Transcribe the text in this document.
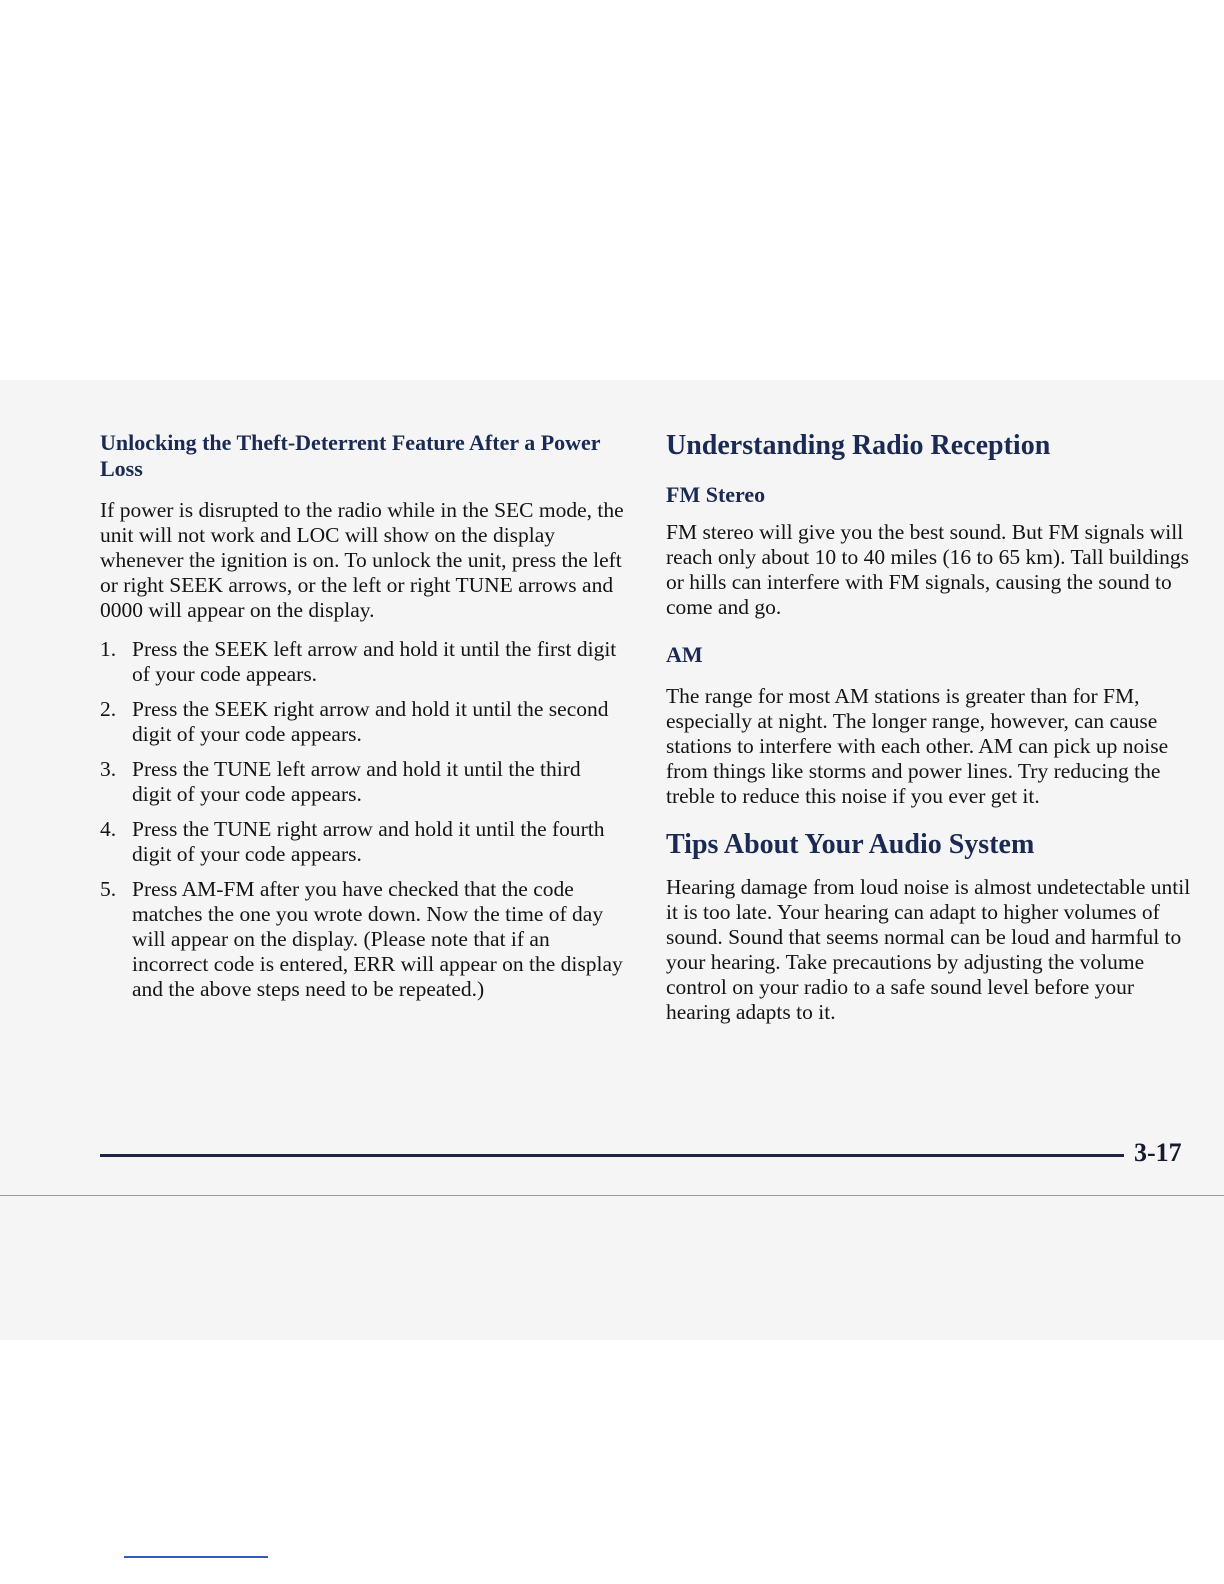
Unlocking the Theft-Deterrent Feature After a Power Loss

If power is disrupted to the radio while in the SEC mode, the unit will not work and LOC will show on the display whenever the ignition is on. To unlock the unit, press the left or right SEEK arrows, or the left or right TUNE arrows and 0000 will appear on the display.

1. Press the SEEK left arrow and hold it until the first digit of your code appears.
2. Press the SEEK right arrow and hold it until the second digit of your code appears.
3. Press the TUNE left arrow and hold it until the third digit of your code appears.
4. Press the TUNE right arrow and hold it until the fourth digit of your code appears.
5. Press AM-FM after you have checked that the code matches the one you wrote down. Now the time of day will appear on the display. (Please note that if an incorrect code is entered, ERR will appear on the display and the above steps need to be repeated.)
Understanding Radio Reception
FM Stereo

FM stereo will give you the best sound. But FM signals will reach only about 10 to 40 miles (16 to 65 km). Tall buildings or hills can interfere with FM signals, causing the sound to come and go.

AM

The range for most AM stations is greater than for FM, especially at night. The longer range, however, can cause stations to interfere with each other. AM can pick up noise from things like storms and power lines. Try reducing the treble to reduce this noise if you ever get it.

Tips About Your Audio System

Hearing damage from loud noise is almost undetectable until it is too late. Your hearing can adapt to higher volumes of sound. Sound that seems normal can be loud and harmful to your hearing. Take precautions by adjusting the volume control on your radio to a safe sound level before your hearing adapts to it.

3-17
